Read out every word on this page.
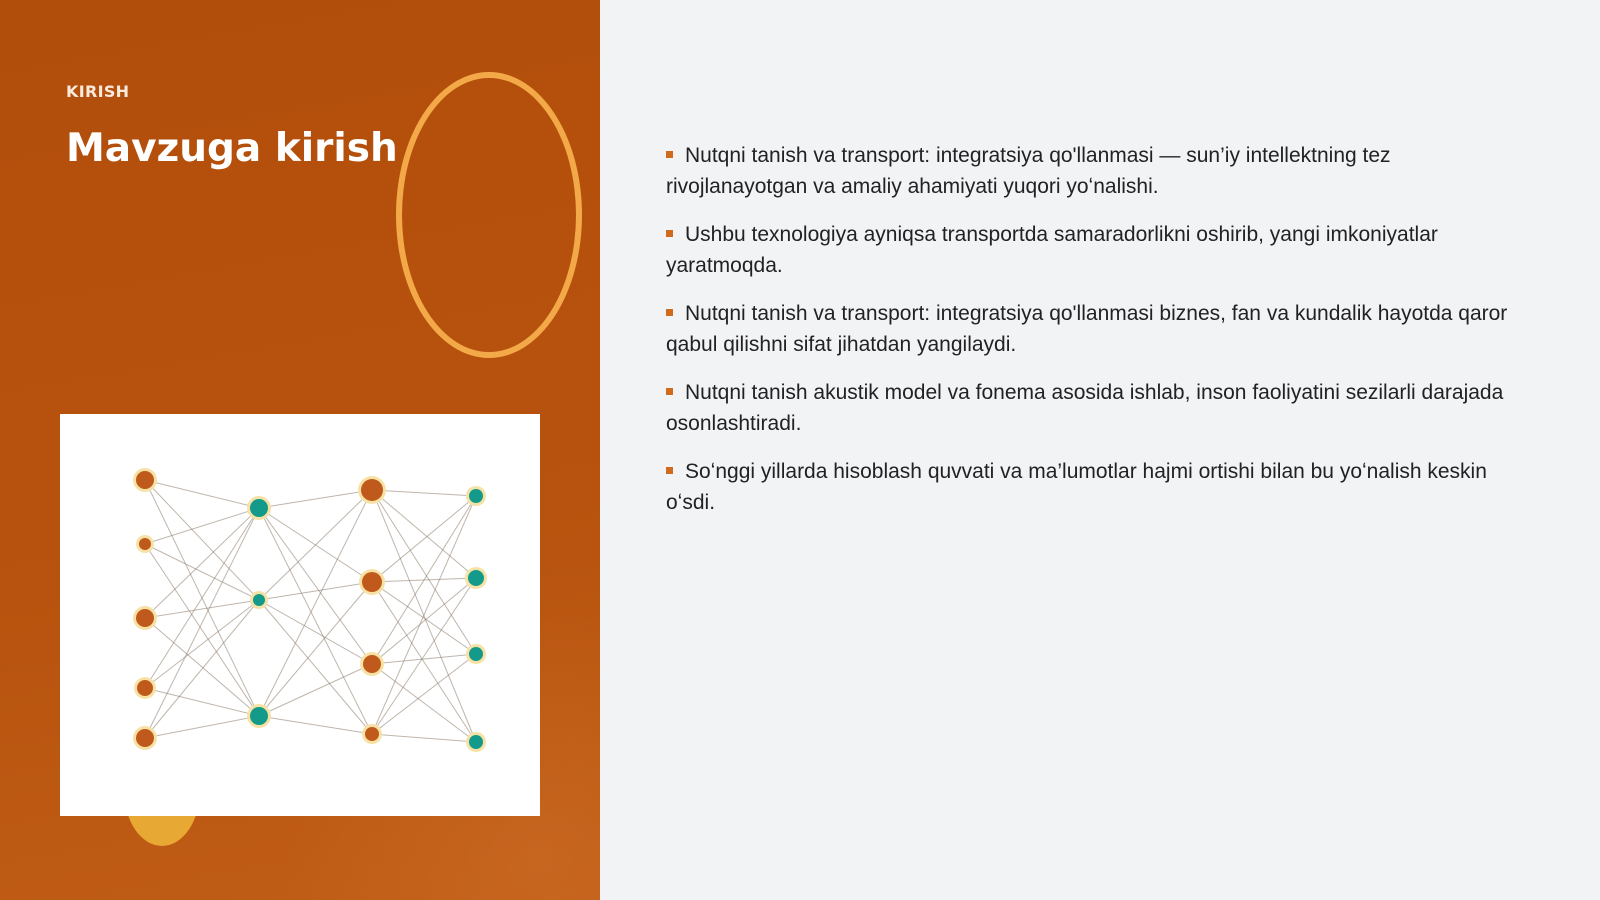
KIRISH
Mavzuga kirish	Nutqni tanish va transport: integratsiya qo'llanmasi — sun’iy intellektning tez rivojlanayotgan va amaliy ahamiyati yuqori yoʻnalishi.
Ushbu texnologiya ayniqsa transportda samaradorlikni oshirib, yangi imkoniyatlar yaratmoqda.
Nutqni tanish va transport: integratsiya qo'llanmasi biznes, fan va kundalik hayotda qaror qabul qilishni sifat jihatdan yangilaydi.
Nutqni tanish akustik model va fonema asosida ishlab, inson faoliyatini sezilarli darajada osonlashtiradi.
Soʻnggi yillarda hisoblash quvvati va ma’lumotlar hajmi ortishi bilan bu yoʻnalish keskin oʻsdi.
